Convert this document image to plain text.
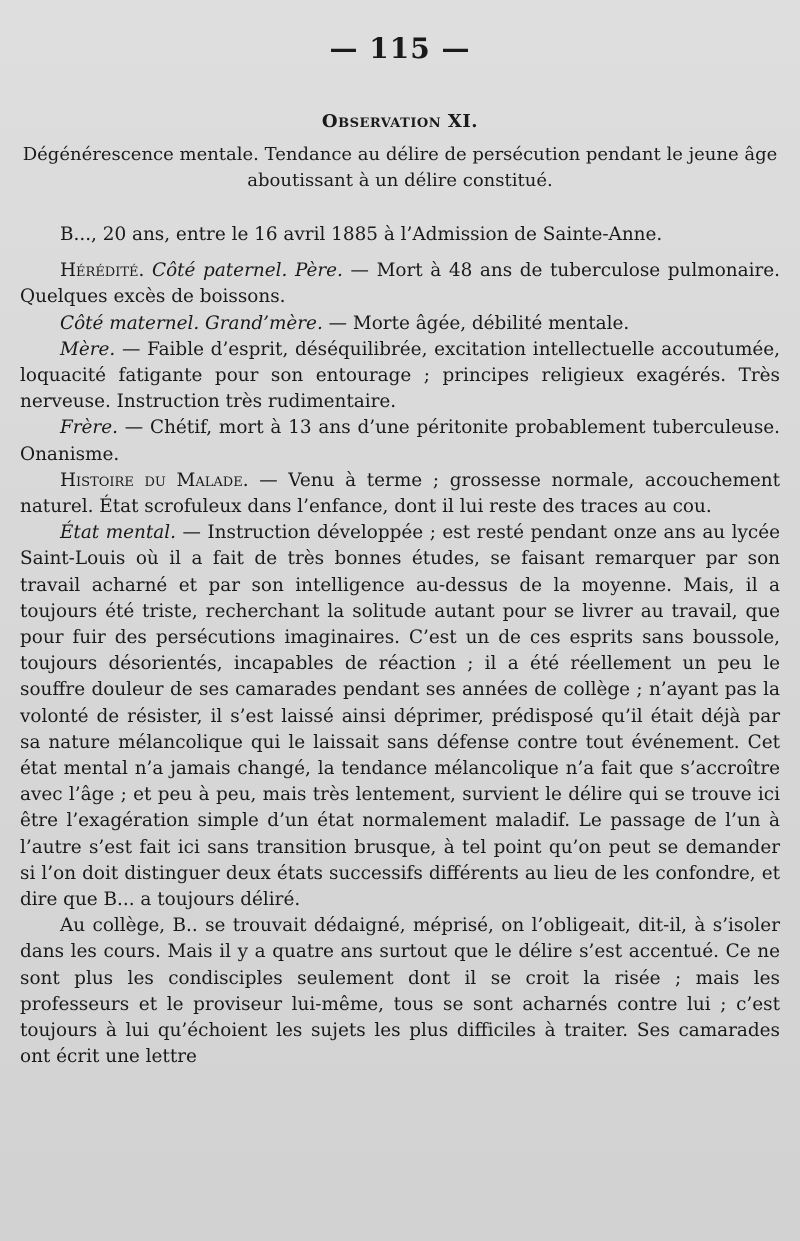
— 115 —
Observation XI.
Dégénérescence mentale. Tendance au délire de persécution pendant le jeune âge aboutissant à un délire constitué.

B..., 20 ans, entre le 16 avril 1885 à l’Admission de Sainte-Anne.

Hérédité. Côté paternel. Père. — Mort à 48 ans de tuberculose pulmonaire. Quelques excès de boissons.

Côté maternel. Grand’mère. — Morte âgée, débilité mentale.

Mère. — Faible d’esprit, déséquilibrée, excitation intellectuelle accoutumée, loquacité fatigante pour son entourage ; principes religieux exagérés. Très nerveuse. Instruction très rudimentaire.

Frère. — Chétif, mort à 13 ans d’une péritonite probablement tuberculeuse. Onanisme.

Histoire du Malade. — Venu à terme ; grossesse normale, accouchement naturel. État scrofuleux dans l’enfance, dont il lui reste des traces au cou.

État mental. — Instruction développée ; est resté pendant onze ans au lycée Saint-Louis où il a fait de très bonnes études, se faisant remarquer par son travail acharné et par son intelligence au-dessus de la moyenne. Mais, il a toujours été triste, recherchant la solitude autant pour se livrer au travail, que pour fuir des persécutions imaginaires. C’est un de ces esprits sans boussole, toujours désorientés, incapables de réaction ; il a été réellement un peu le souffre douleur de ses camarades pendant ses années de collège ; n’ayant pas la volonté de résister, il s’est laissé ainsi déprimer, prédisposé qu’il était déjà par sa nature mélancolique qui le laissait sans défense contre tout événement. Cet état mental n’a jamais changé, la tendance mélancolique n’a fait que s’accroître avec l’âge ; et peu à peu, mais très lentement, survient le délire qui se trouve ici être l’exagération simple d’un état normalement maladif. Le passage de l’un à l’autre s’est fait ici sans transition brusque, à tel point qu’on peut se demander si l’on doit distinguer deux états successifs différents au lieu de les confondre, et dire que B... a toujours déliré.

Au collège, B.. se trouvait dédaigné, méprisé, on l’obligeait, dit-il, à s’isoler dans les cours. Mais il y a quatre ans surtout que le délire s’est accentué. Ce ne sont plus les condisciples seulement dont il se croit la risée ; mais les professeurs et le proviseur lui-même, tous se sont acharnés contre lui ; c’est toujours à lui qu’échoient les sujets les plus difficiles à traiter. Ses camarades ont écrit une lettre
